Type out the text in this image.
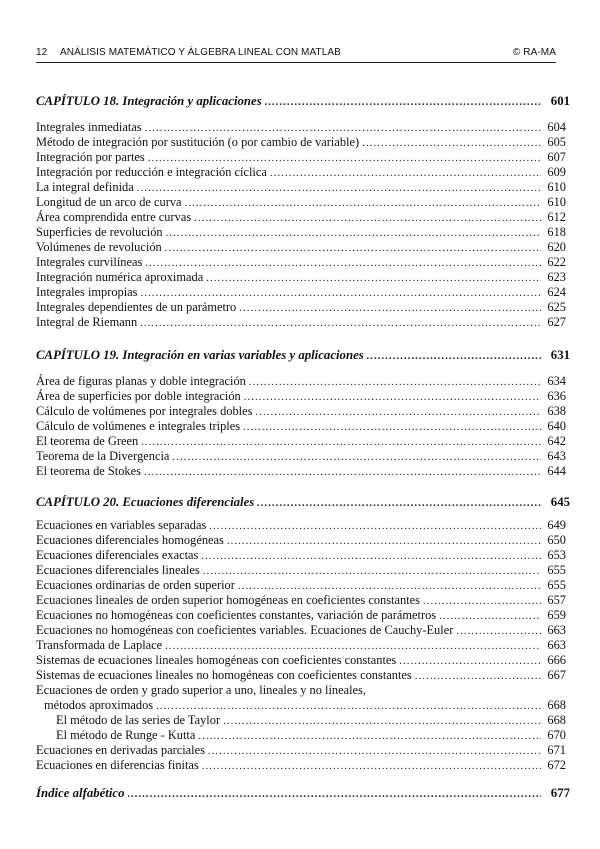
12 ANÁLISIS MATEMÁTICO Y ÁLGEBRA LINEAL CON MATLAB	© RA-MA
CAPÍTULO 18. Integración y aplicaciones .....	601
Integrales inmediatas .....	604
Método de integración por sustitución (o por cambio de variable) .....	605
Integración por partes .....	607
Integración por reducción e integración cíclica .....	609
La integral definida .....	610
Longitud de un arco de curva .....	610
Área comprendida entre curvas .....	612
Superficies de revolución .....	618
Volúmenes de revolución .....	620
Integrales curvilíneas .....	622
Integración numérica aproximada .....	623
Integrales impropias .....	624
Integrales dependientes de un parámetro .....	625
Integral de Riemann .....	627
CAPÍTULO 19. Integración en varias variables y aplicaciones .....	631
Área de figuras planas y doble integración .....	634
Área de superficies por doble integración .....	636
Cálculo de volúmenes por integrales dobles .....	638
Cálculo de volúmenes e integrales triples .....	640
El teorema de Green .....	642
Teorema de la Divergencia .....	643
El teorema de Stokes .....	644
CAPÍTULO 20. Ecuaciones diferenciales .....	645
Ecuaciones en variables separadas .....	649
Ecuaciones diferenciales homogéneas .....	650
Ecuaciones diferenciales exactas .....	653
Ecuaciones diferenciales lineales .....	655
Ecuaciones ordinarias de orden superior .....	655
Ecuaciones lineales de orden superior homogéneas en coeficientes constantes .....	657
Ecuaciones no homogéneas con coeficientes constantes, variación de parámetros .....	659
Ecuaciones no homogéneas con coeficientes variables. Ecuaciones de Cauchy-Euler .....	663
Transformada de Laplace .....	663
Sistemas de ecuaciones lineales homogéneas con coeficientes constantes .....	666
Sistemas de ecuaciones lineales no homogéneas con coeficientes constantes .....	667
Ecuaciones de orden y grado superior a uno, lineales y no lineales,
métodos aproximados .....	668
El método de las series de Taylor .....	668
El método de Runge - Kutta .....	670
Ecuaciones en derivadas parciales .....	671
Ecuaciones en diferencias finitas .....	672
Índice alfabético .....	677
